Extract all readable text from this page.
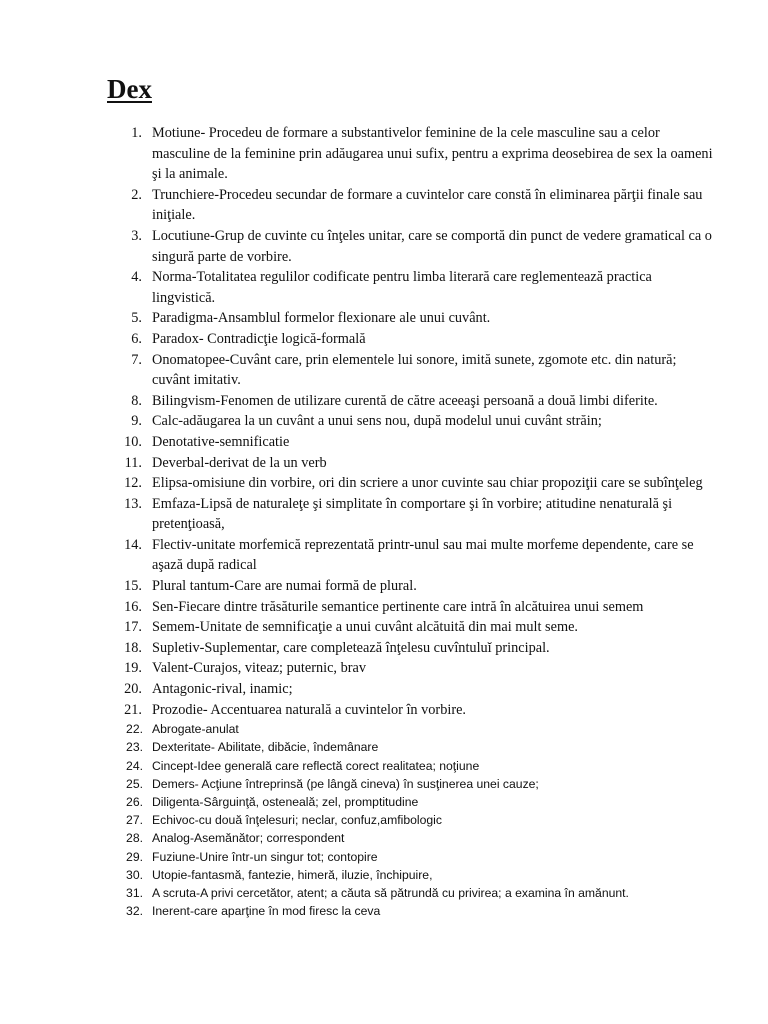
Dex
1. Motiune- Procedeu de formare a substantivelor feminine de la cele masculine sau a celor masculine de la feminine prin adăugarea unui sufix, pentru a exprima deosebirea de sex la oameni şi la animale.
2. Trunchiere-Procedeu secundar de formare a cuvintelor care constă în eliminarea părţii finale sau iniţiale.
3. Locutiune-Grup de cuvinte cu înţeles unitar, care se comportă din punct de vedere gramatical ca o singură parte de vorbire.
4. Norma-Totalitatea regulilor codificate pentru limba literară care reglementează practica lingvistică.
5. Paradigma-Ansamblul formelor flexionare ale unui cuvânt.
6. Paradox- Contradicţie logică-formală
7. Onomatopee-Cuvânt care, prin elementele lui sonore, imită sunete, zgomote etc. din natură; cuvânt imitativ.
8. Bilingvism-Fenomen de utilizare curentă de către aceeaşi persoană a două limbi diferite.
9. Calc-adăugarea la un cuvânt a unui sens nou, după modelul unui cuvânt străin;
10. Denotative-semnificatie
11. Deverbal-derivat de la un verb
12. Elipsa-omisiune din vorbire, ori din scriere a unor cuvinte sau chiar propoziţii care se subînţeleg
13. Emfaza-Lipsă de naturaleţe şi simplitate în comportare şi în vorbire; atitudine nenaturală şi pretenţioasă,
14. Flectiv-unitate morfemică reprezentată printr-unul sau mai multe morfeme dependente, care se aşază după radical
15. Plural tantum-Care are numai formă de plural.
16. Sen-Fiecare dintre trăsăturile semantice pertinente care intră în alcătuirea unui semem
17. Semem-Unitate de semnificaţie a unui cuvânt alcătuită din mai mult seme.
18. Supletiv-Suplementar, care completează înţelesu cuvîntuluĭ principal.
19. Valent-Curajos, viteaz; puternic, brav
20. Antagonic-rival, inamic;
21. Prozodie- Accentuarea naturală a cuvintelor în vorbire.
22. Abrogate-anulat
23. Dexteritate- Abilitate, dibăcie, îndemânare
24. Cincept-Idee generală care reflectă corect realitatea; noţiune
25. Demers- Acţiune întreprinsă (pe lângă cineva) în susţinerea unei cauze;
26. Diligenta-Sârguinţă, osteneală; zel, promptitudine
27. Echivoc-cu două înţelesuri; neclar, confuz,amfibologic
28. Analog-Asemănător; correspondent
29. Fuziune-Unire într-un singur tot; contopire
30. Utopie-fantasmă, fantezie, himeră, iluzie, închipuire,
31. A scruta-A privi cercetător, atent; a căuta să pătrundă cu privirea; a examina în amănunt.
32. Inerent-care aparţine în mod firesc la ceva
